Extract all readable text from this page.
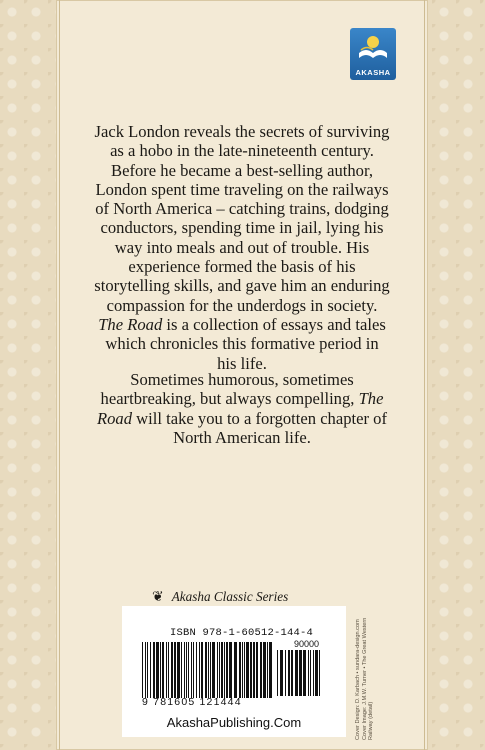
AKASHA

Jack London reveals the secrets of surviving as a hobo in the late-nineteenth century. Before he became a best-selling author, London spent time traveling on the railways of North America – catching trains, dodging conductors, spending time in jail, lying his way into meals and out of trouble. His experience formed the basis of his storytelling skills, and gave him an enduring compassion for the underdogs in society. The Road is a collection of essays and tales which chronicles this formative period in his life.

Sometimes humorous, sometimes heartbreaking, but always compelling, The Road will take you to a forgotten chapter of North American life.

❦ Akasha Classic Series
ISBN 978-1-60512-144-4
90000
9 781605 121444
AkashaPublishing.Com	Cover Design: D. Karbach • sundara-design.com Cover Image: J.M.W. Turner • The Great Western Railway (detail)
